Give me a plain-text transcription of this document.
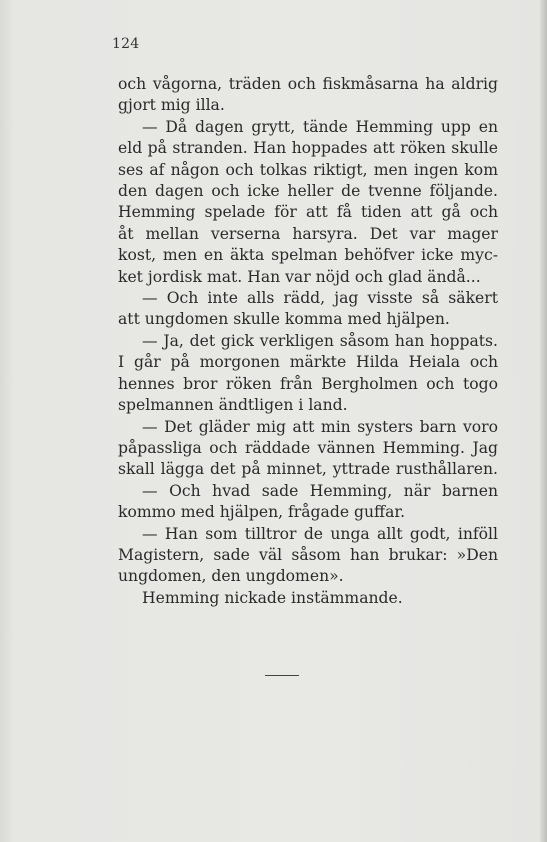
124
och vågorna, träden och fiskmåsarna ha aldrig
gjort mig illa.
— Då dagen grytt, tände Hemming upp en
eld på stranden. Han hoppades att röken skulle
ses af någon och tolkas riktigt, men ingen kom
den dagen och icke heller de tvenne följande.
Hemming spelade för att få tiden att gå och
åt mellan verserna harsyra. Det var mager
kost, men en äkta spelman behöfver icke myc-
ket jordisk mat. Han var nöjd och glad ändå...
— Och inte alls rädd, jag visste så säkert
att ungdomen skulle komma med hjälpen.
— Ja, det gick verkligen såsom han hoppats.
I går på morgonen märkte Hilda Heiala och
hennes bror röken från Bergholmen och togo
spelmannen ändtligen i land.
— Det gläder mig att min systers barn voro
påpassliga och räddade vännen Hemming. Jag
skall lägga det på minnet, yttrade rusthållaren.
— Och hvad sade Hemming, när barnen
kommo med hjälpen, frågade guffar.
— Han som tilltror de unga allt godt, inföll
Magistern, sade väl såsom han brukar: »Den
ungdomen, den ungdomen».
Hemming nickade instämmande.
